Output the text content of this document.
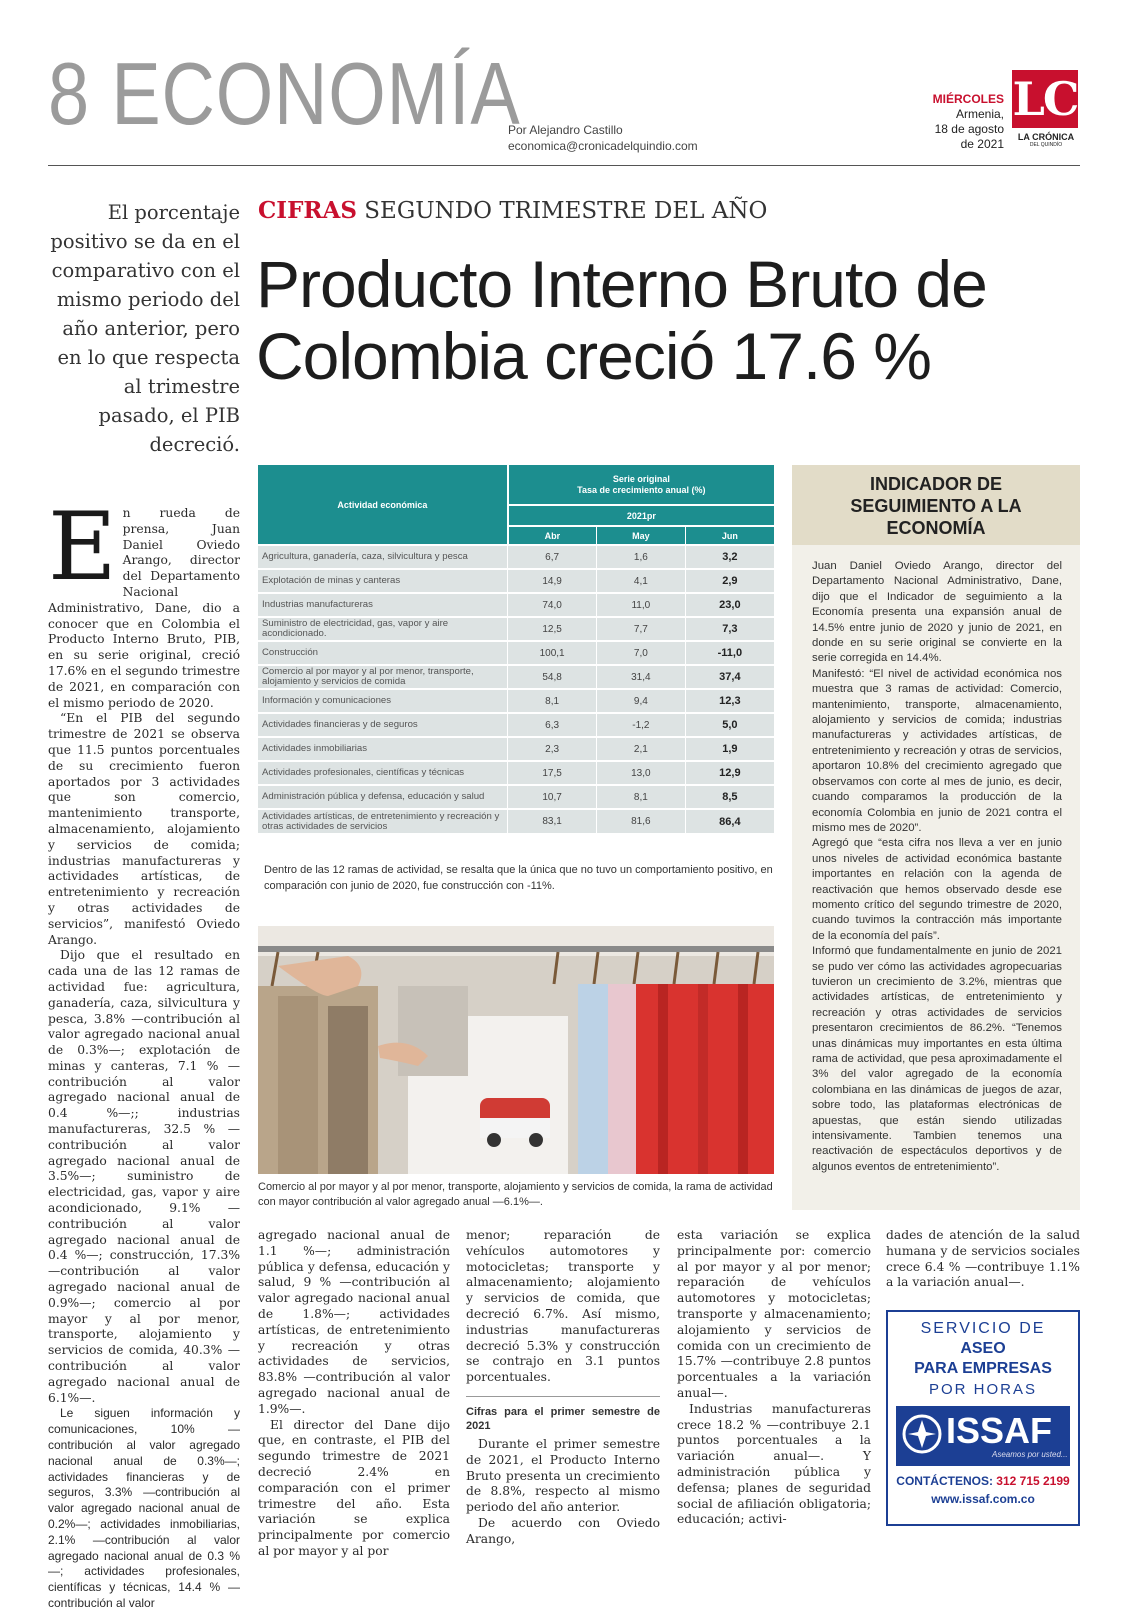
8 ECONOMÍA
Por Alejandro Castillo
economica@cronicadelquindio.com
MIÉRCOLES
Armenia,
18 de agosto
de 2021
LC
LA CRÓNICA
DEL QUINDÍO
El porcentaje positivo se da en el comparativo con el mismo periodo del año anterior, pero en lo que respecta al trimestre pasado, el PIB decreció.
CIFRAS SEGUNDO TRIMESTRE DEL AÑO
Producto Interno Bruto de Colombia creció 17.6 %
E n rueda de prensa, Juan Daniel Oviedo Arango, director del Departamento Nacional Administrativo, Dane, dio a conocer que en Colombia el Producto Interno Bruto, PIB, en su serie original, creció 17.6% en el segundo trimestre de 2021, en comparación con el mismo periodo de 2020.

“En el PIB del segundo trimestre de 2021 se observa que 11.5 puntos porcentuales de su crecimiento fueron aportados por 3 actividades que son comercio, mantenimiento transporte, almacenamiento, alojamiento y servicios de comida; industrias manufactureras y actividades artísticas, de entretenimiento y recreación y otras actividades de servicios”, manifestó Oviedo Arango.

Dijo que el resultado en cada una de las 12 ramas de actividad fue: agricultura, ganadería, caza, silvicultura y pesca, 3.8% —contribución al valor agregado nacional anual de 0.3%—; explotación de minas y canteras, 7.1 % —contribución al valor agregado nacional anual de 0.4 %—;; industrias manufactureras, 32.5 % —contribución al valor agregado nacional anual de 3.5%—; suministro de electricidad, gas, vapor y aire acondicionado, 9.1% —contribución al valor agregado nacional anual de 0.4 %—; construcción, 17.3% —contribución al valor agregado nacional anual de 0.9%—; comercio al por mayor y al por menor, transporte, alojamiento y servicios de comida, 40.3% —contribución al valor agregado nacional anual de 6.1%—.

Le siguen información y comunicaciones, 10% —contribución al valor agregado nacional anual de 0.3%—; actividades financieras y de seguros, 3.3% —contribución al valor agregado nacional anual de 0.2%—; actividades inmobiliarias, 2.1% —contribución al valor agregado nacional anual de 0.3 %—; actividades profesionales, científicas y técnicas, 14.4 % —contribución al valor

Actividad económica	Serie original
Tasa de crecimiento anual (%)		

	2021pr		
	Abr	May	Jun
Agricultura, ganadería, caza, silvicultura y pesca	6,7	1,6	3,2
Explotación de minas y canteras	14,9	4,1	2,9
Industrias manufactureras	74,0	11,0	23,0
Suministro de electricidad, gas, vapor y aire acondicionado.	12,5	7,7	7,3
Construcción	100,1	7,0	-11,0
Comercio al por mayor y al por menor, transporte, alojamiento y servicios de comida	54,8	31,4	37,4
Información y comunicaciones	8,1	9,4	12,3
Actividades financieras y de seguros	6,3	-1,2	5,0
Actividades inmobiliarias	2,3	2,1	1,9
Actividades profesionales, científicas y técnicas	17,5	13,0	12,9
Administración pública y defensa, educación y salud	10,7	8,1	8,5
Actividades artísticas, de entretenimiento y recreación y otras actividades de servicios	83,1	81,6	86,4
Dentro de las 12 ramas de actividad, se resalta que la única que no tuvo un comportamiento positivo, en comparación con junio de 2020, fue construcción con -11%.
Comercio al por mayor y al por menor, transporte, alojamiento y servicios de comida, la rama de actividad con mayor contribución al valor agregado anual —6.1%—.
INDICADOR DE SEGUIMIENTO A LA ECONOMÍA

Juan Daniel Oviedo Arango, director del Departamento Nacional Administrativo, Dane, dijo que el Indicador de seguimiento a la Economía presenta una expansión anual de 14.5% entre junio de 2020 y junio de 2021, en donde en su serie original se convierte en la serie corregida en 14.4%.

Manifestó: “El nivel de actividad económica nos muestra que 3 ramas de actividad: Comercio, mantenimiento, transporte, almacenamiento, alojamiento y servicios de comida; industrias manufactureras y actividades artísticas, de entretenimiento y recreación y otras de servicios, aportaron 10.8% del crecimiento agregado que observamos con corte al mes de junio, es decir, cuando comparamos la producción de la economía Colombia en junio de 2021 contra el mismo mes de 2020”.

Agregó que “esta cifra nos lleva a ver en junio unos niveles de actividad económica bastante importantes en relación con la agenda de reactivación que hemos observado desde ese momento crítico del segundo trimestre de 2020, cuando tuvimos la contracción más importante de la economía del país”.

Informó que fundamentalmente en junio de 2021 se pudo ver cómo las actividades agropecuarias tuvieron un crecimiento de 3.2%, mientras que actividades artísticas, de entretenimiento y recreación y otras actividades de servicios presentaron crecimientos de 86.2%. “Tenemos unas dinámicas muy importantes en esta última rama de actividad, que pesa aproximadamente el 3% del valor agregado de la economía colombiana en las dinámicas de juegos de azar, sobre todo, las plataformas electrónicas de apuestas, que están siendo utilizadas intensivamente. Tambien tenemos una reactivación de espectáculos deportivos y de algunos eventos de entretenimiento”.

agregado nacional anual de 1.1 %—; administración pública y defensa, educación y salud, 9 % —contribución al valor agregado nacional anual de 1.8%—; actividades artísticas, de entretenimiento y recreación y otras actividades de servicios, 83.8% —contribución al valor agregado nacional anual de 1.9%—.

El director del Dane dijo que, en contraste, el PIB del segundo trimestre de 2021 decreció 2.4% en comparación con el primer trimestre del año. Esta variación se explica principalmente por comercio al por mayor y al por

menor; reparación de vehículos automotores y motocicletas; transporte y almacenamiento; alojamiento y servicios de comida, que decreció 6.7%. Así mismo, industrias manufactureras decreció 5.3% y construcción se contrajo en 3.1 puntos porcentuales.

Cifras para el primer semestre de 2021

Durante el primer semestre de 2021, el Producto Interno Bruto presenta un crecimiento de 8.8%, respecto al mismo periodo del año anterior.

De acuerdo con Oviedo Arango,

esta variación se explica principalmente por: comercio al por mayor y al por menor; reparación de vehículos automotores y motocicletas; transporte y almacenamiento; alojamiento y servicios de comida con un crecimiento de 15.7% —contribuye 2.8 puntos porcentuales a la variación anual—.

Industrias manufactureras crece 18.2 % —contribuye 2.1 puntos porcentuales a la variación anual—. Y administración pública y defensa; planes de seguridad social de afiliación obligatoria; educación; activi-

dades de atención de la salud humana y de servicios sociales crece 6.4 % —contribuye 1.1% a la variación anual—.

SERVICIO DE
ASEO
PARA EMPRESAS
POR HORAS
ISSAF
Aseamos por usted...
CONTÁCTENOS: 312 715 2199
www.issaf.com.co
